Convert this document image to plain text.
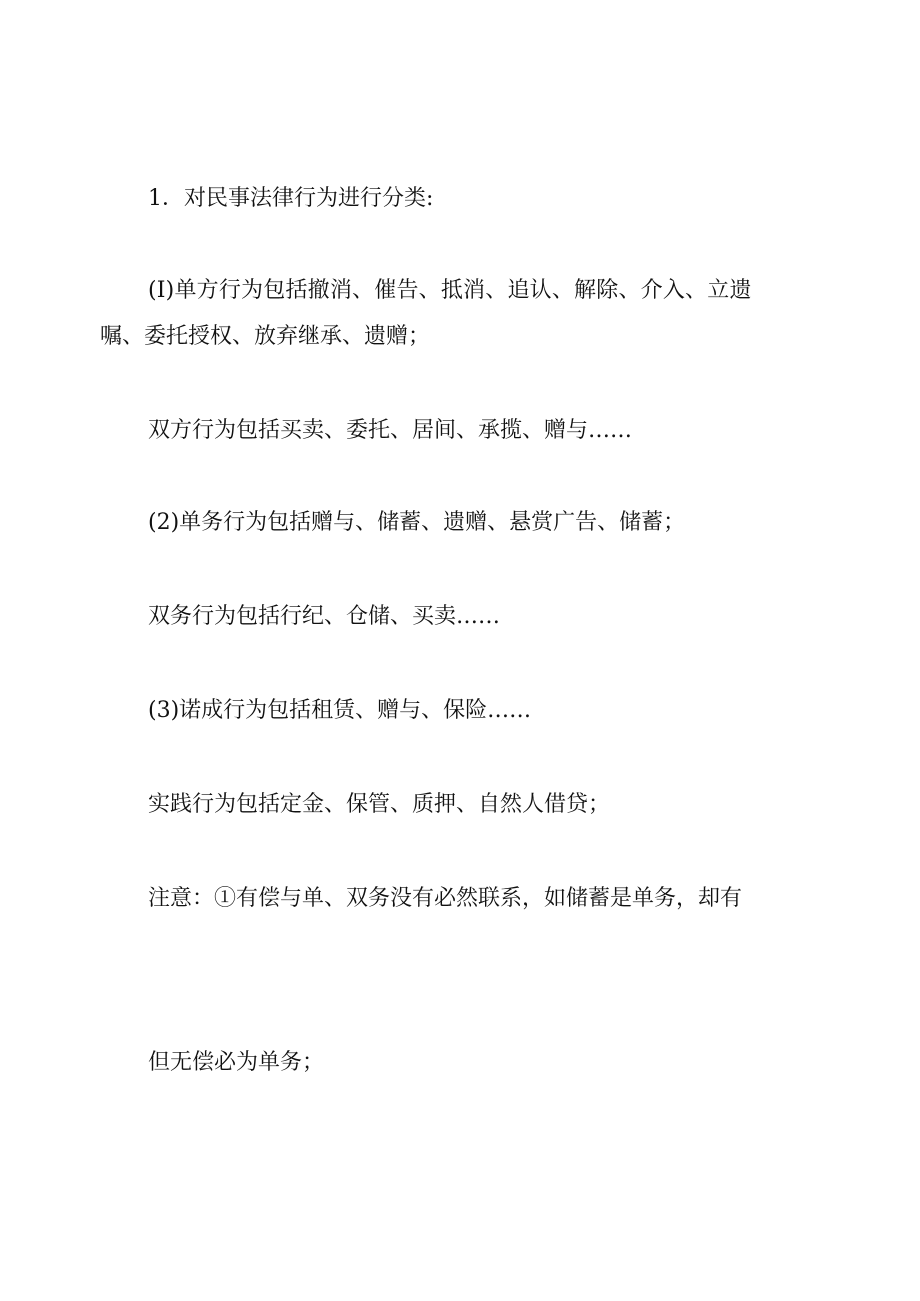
1．对民事法律行为进行分类:

(I)单方行为包括撤消、催告、抵消、追认、解除、介入、立遗

嘱、委托授权、放弃继承、遗赠；

双方行为包括买卖、委托、居间、承揽、赠与……

(2)单务行为包括赠与、储蓄、遗赠、悬赏广告、储蓄；

双务行为包括行纪、仓储、买卖……

(3)诺成行为包括租赁、赠与、保险……

实践行为包括定金、保管、质押、自然人借贷；

注意：①有偿与单、双务没有必然联系，如储蓄是单务，却有

但无偿必为单务；
